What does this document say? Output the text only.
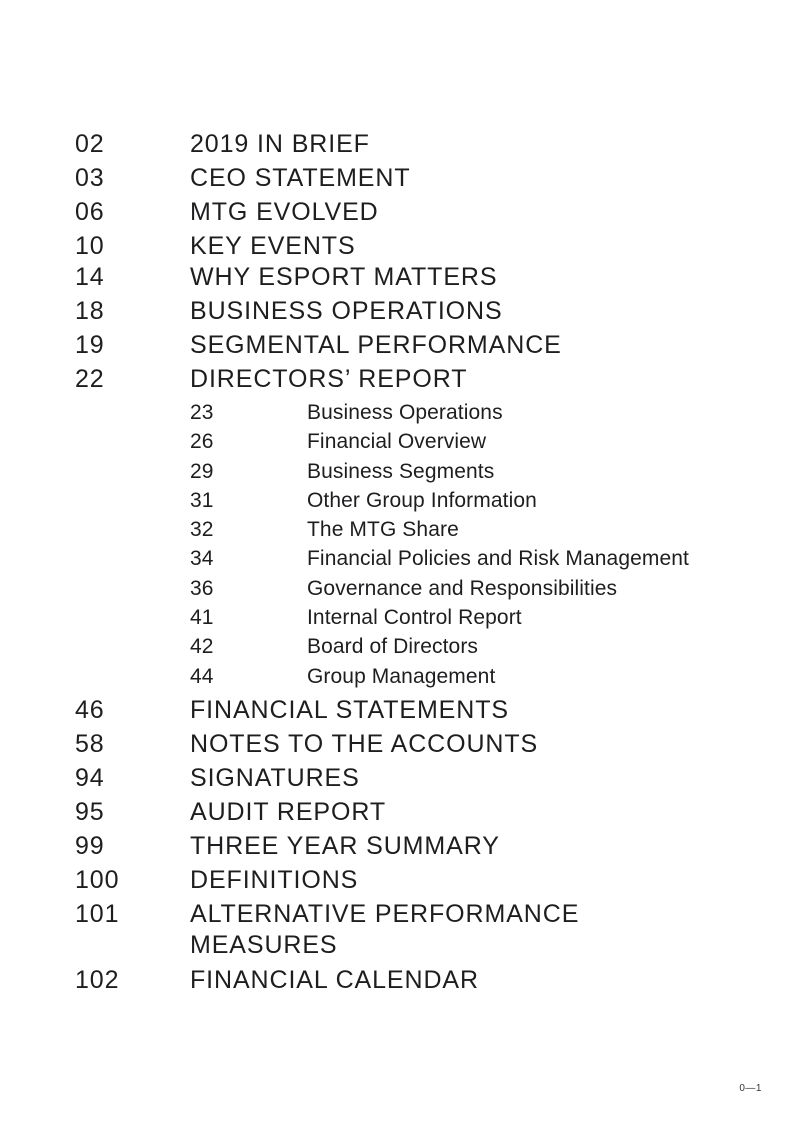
02	2019 IN BRIEF
03	CEO STATEMENT
06	MTG EVOLVED
10	KEY EVENTS
14	WHY ESPORT MATTERS
18	BUSINESS OPERATIONS
19	SEGMENTAL PERFORMANCE
22	DIRECTORS’ REPORT
23	Business Operations
26	Financial Overview
29	Business Segments
31	Other Group Information
32	The MTG Share
34	Financial Policies and Risk Management
36	Governance and Responsibilities
41	Internal Control Report
42	Board of Directors
44	Group Management
46	FINANCIAL STATEMENTS
58	NOTES TO THE ACCOUNTS
94	SIGNATURES
95	AUDIT REPORT
99	THREE YEAR SUMMARY
100	DEFINITIONS
101	ALTERNATIVE PERFORMANCE MEASURES
102	FINANCIAL CALENDAR
0—1
